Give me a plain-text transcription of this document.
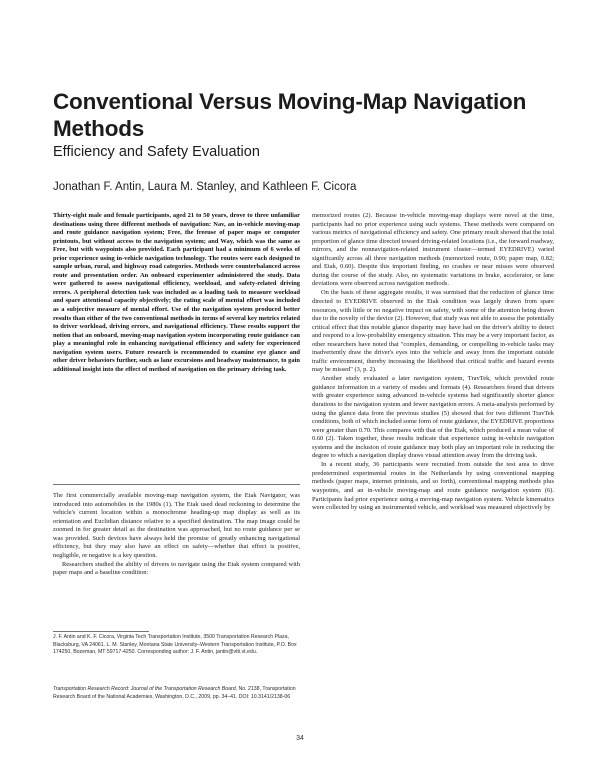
Conventional Versus Moving-Map Navigation Methods
Efficiency and Safety Evaluation
Jonathan F. Antin, Laura M. Stanley, and Kathleen F. Cicora
Thirty-eight male and female participants, aged 21 to 50 years, drove to three unfamiliar destinations using three different methods of navigation: Nav, an in-vehicle moving-map and route guidance navigation system; Free, the freeuse of paper maps or computer printouts, but without access to the navigation system; and Way, which was the same as Free, but with waypoints also provided. Each participant had a minimum of 6 weeks of prior experience using in-vehicle navigation technology. The routes were each designed to sample urban, rural, and highway road categories. Methods were counterbalanced across route and presentation order. An onboard experimenter administered the study. Data were gathered to assess navigational efficiency, workload, and safety-related driving errors. A peripheral detection task was included as a loading task to measure workload and spare attentional capacity objectively; the rating scale of mental effort was included as a subjective measure of mental effort. Use of the navigation system produced better results than either of the two conventional methods in terms of several key metrics related to driver workload, driving errors, and navigational efficiency. These results support the notion that an onboard, moving-map navigation system incorporating route guidance can play a meaningful role in enhancing navigational efficiency and safety for experienced navigation system users. Future research is recommended to examine eye glance and other driver behaviors further, such as lane excursions and headway maintenance, to gain additional insight into the effect of method of navigation on the primary driving task.

The first commercially available moving-map navigation system, the Etak Navigator, was introduced into automobiles in the 1980s (1). The Etak used dead reckoning to determine the vehicle's current location within a monochrome heading-up map display as well as its orientation and Euclidian distance relative to a specified destination. The map image could be zoomed in for greater detail as the destination was approached, but no route guidance per se was provided. Such devices have always held the promise of greatly enhancing navigational efficiency, but they may also have an effect on safety—whether that effect is positive, negligible, or negative is a key question.

Researchers studied the ability of drivers to navigate using the Etak system compared with paper maps and a baseline condition:

J. F. Antin and K. F. Cicora, Virginia Tech Transportation Institute, 3500 Transportation Research Plaza, Blacksburg, VA 24061. L. M. Stanley, Montana State University–Western Transportation Institute, P.O. Box 174250, Bozeman, MT 59717-4250. Corresponding author: J. F. Antin, jantin@vtti.vt.edu.
Transportation Research Record: Journal of the Transportation Research Board, No. 2138, Transportation Research Board of the National Academies, Washington, D.C., 2009, pp. 34–41. DOI: 10.3141/2138-06

memorized routes (2). Because in-vehicle moving-map displays were novel at the time, participants had no prior experience using such systems. These methods were compared on various metrics of navigational efficiency and safety. One primary result showed that the total proportion of glance time directed toward driving-related locations (i.e., the forward roadway, mirrors, and the nonnavigation-related instrument cluster—termed EYEDRIVE) varied significantly across all three navigation methods (memorized route, 0.90; paper map, 0.82; and Etak, 0.60). Despite this important finding, no crashes or near misses were observed during the course of the study. Also, no systematic variations in brake, accelerator, or lane deviations were observed across navigation methods.

On the basis of these aggregate results, it was surmised that the reduction of glance time directed to EYEDRIVE observed in the Etak condition was largely drawn from spare resources, with little or no negative impact on safety, with some of the attention being drawn due to the novelty of the device (2). However, that study was not able to assess the potentially critical effect that this notable glance disparity may have had on the driver's ability to detect and respond to a low-probability emergency situation. This may be a very important factor, as other researchers have noted that "complex, demanding, or compelling in-vehicle tasks may inadvertently draw the driver's eyes into the vehicle and away from the important outside traffic environment, thereby increasing the likelihood that critical traffic and hazard events may be missed" (3, p. 2).

Another study evaluated a later navigation system, TravTek, which provided route guidance information in a variety of modes and formats (4). Researchers found that drivers with greater experience using advanced in-vehicle systems had significantly shorter glance durations to the navigation system and fewer navigation errors. A meta-analysis performed by using the glance data from the previous studies (5) showed that for two different TravTek conditions, both of which included some form of route guidance, the EYEDRIVE proportions were greater than 0.70. This compares with that of the Etak, which produced a mean value of 0.60 (2). Taken together, these results indicate that experience using in-vehicle navigation systems and the inclusion of route guidance may both play an important role in reducing the degree to which a navigation display draws visual attention away from the driving task.

In a recent study, 36 participants were recruited from outside the test area to drive predetermined experimental routes in the Netherlands by using conventional mapping methods (paper maps, internet printouts, and so forth), conventional mapping methods plus waypoints, and an in-vehicle moving-map and route guidance navigation system (6). Participants had prior experience using a moving-map navigation system. Vehicle kinematics were collected by using an instrumented vehicle, and workload was measured objectively by

34
